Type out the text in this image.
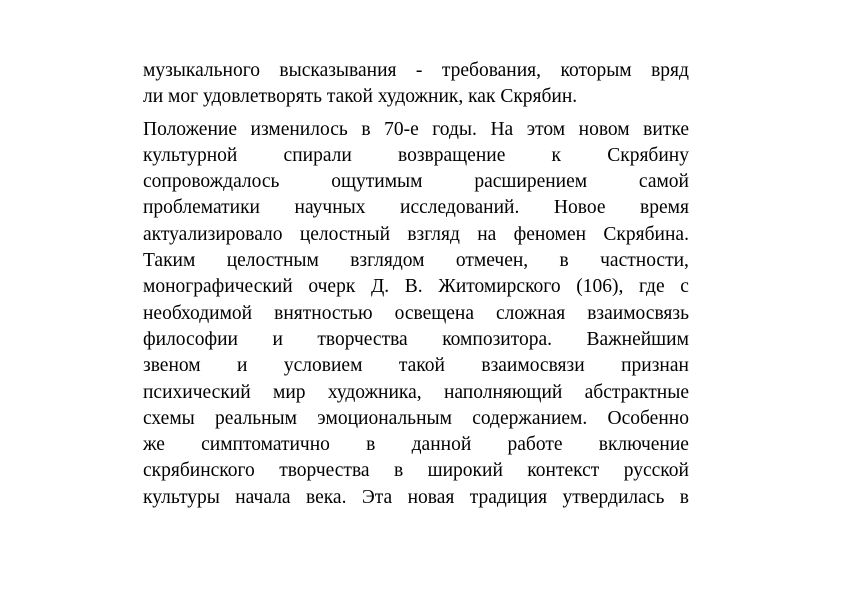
музыкального высказывания - требования, которым вряд
ли мог удовлетворять такой художник, как Скрябин.
Положение изменилось в 70-е годы. На этом новом витке
культурной спирали возвращение к Скрябину
сопровождалось	ощутимым	расширением	самой
проблематики научных исследований. Новое время
актуализировало целостный взгляд на феномен Скрябина.
Таким целостным взглядом отмечен, в частности,
монографический очерк Д. В. Житомирского (106), где с
необходимой внятностью освещена сложная взаимосвязь
философии и творчества композитора. Важнейшим
звеном и условием такой взаимосвязи признан
психический мир художника, наполняющий абстрактные
схемы реальным эмоциональным содержанием. Особенно
же симптоматично в данной работе включение
скрябинского творчества в широкий контекст русской
культуры начала века. Эта новая традиция утвердилась в
